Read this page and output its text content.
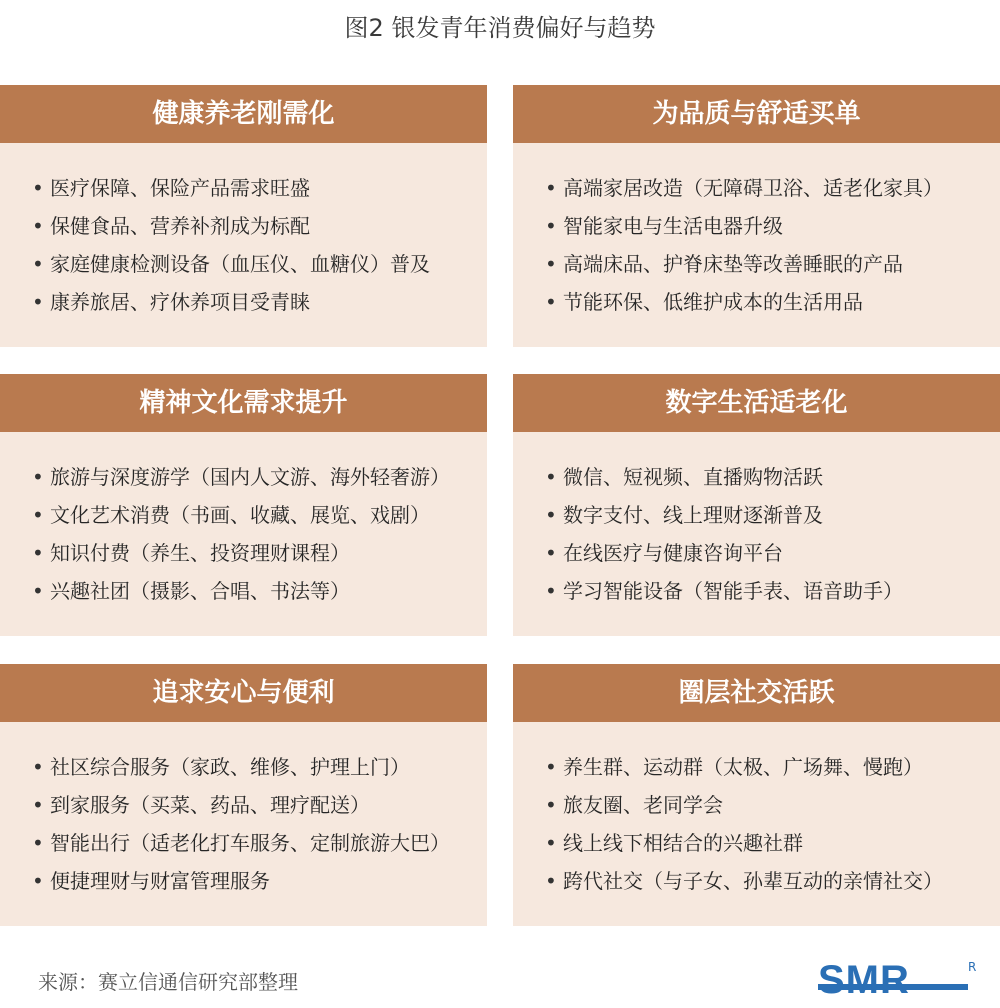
图2 银发青年消费偏好与趋势
健康养老刚需化
• 医疗保障、保险产品需求旺盛
• 保健食品、营养补剂成为标配
• 家庭健康检测设备（血压仪、血糖仪）普及
• 康养旅居、疗休养项目受青睐
为品质与舒适买单
• 高端家居改造（无障碍卫浴、适老化家具）
• 智能家电与生活电器升级
• 高端床品、护脊床垫等改善睡眠的产品
• 节能环保、低维护成本的生活用品
精神文化需求提升
• 旅游与深度游学（国内人文游、海外轻奢游）
• 文化艺术消费（书画、收藏、展览、戏剧）
• 知识付费（养生、投资理财课程）
• 兴趣社团（摄影、合唱、书法等）
数字生活适老化
• 微信、短视频、直播购物活跃
• 数字支付、线上理财逐渐普及
• 在线医疗与健康咨询平台
• 学习智能设备（智能手表、语音助手）
追求安心与便利
• 社区综合服务（家政、维修、护理上门）
• 到家服务（买菜、药品、理疗配送）
• 智能出行（适老化打车服务、定制旅游大巴）
• 便捷理财与财富管理服务
圈层社交活跃
• 养生群、运动群（太极、广场舞、慢跑）
• 旅友圈、老同学会
• 线上线下相结合的兴趣社群
• 跨代社交（与子女、孙辈互动的亲情社交）
来源：赛立信通信研究部整理	SMR	R
